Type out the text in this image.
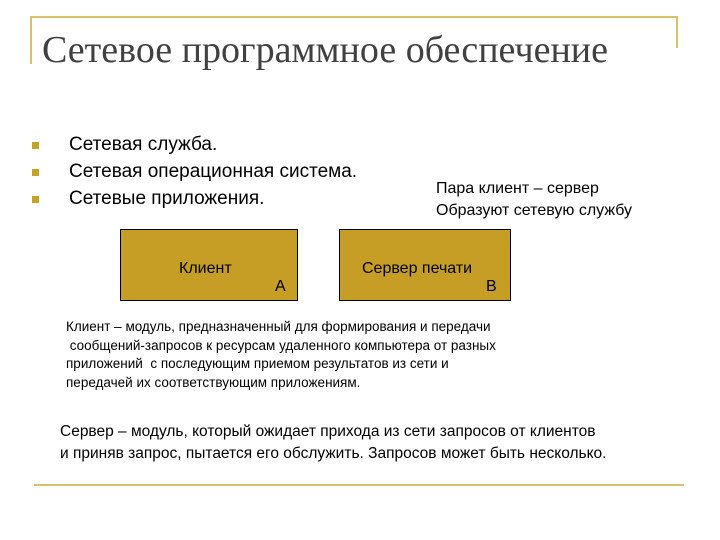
Сетевое программное обеспечение
Сетевая служба.
Сетевая операционная система.
Сетевые приложения.	Пара клиент – сервер
Образуют сетевую службу
Клиент
А
Сервер печати
В
Клиент – модуль, предназначенный для формирования и передачи
сообщений-запросов к ресурсам удаленного компьютера от разных
приложений  с последующим приемом результатов из сети и
передачей их соответствующим приложениям.
Сервер – модуль, который ожидает прихода из сети запросов от клиентов
и приняв запрос, пытается его обслужить. Запросов может быть несколько.
